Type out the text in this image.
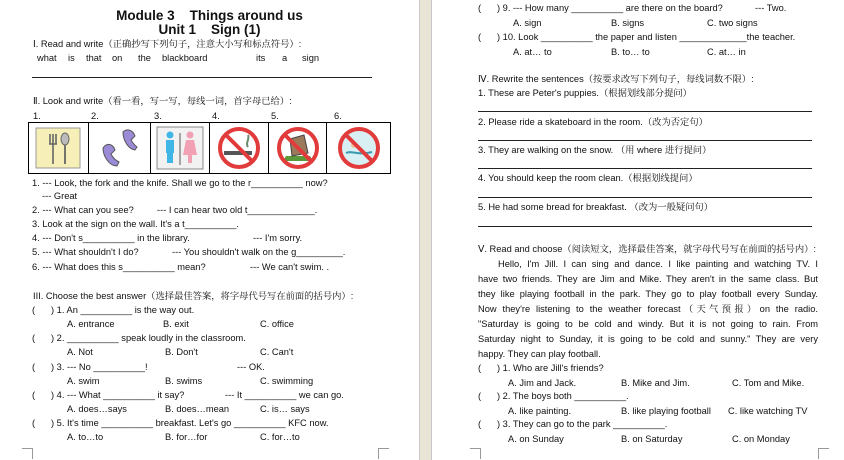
Module 3    Things around us
Unit 1    Sign (1)
Ⅰ. Read and write（正确抄写下列句子，注意大小写和标点符号）:
what is that on the blackboard	its a sign
Ⅱ. Look and write（看一看，写一写，每线一词，首字母已给）:
1.	2.	3.	4.	5.	6.
1. --- Look, the fork and the knife. Shall we go to the r__________ now?
--- Great
2. --- What can you see? --- I can hear two old t_____________.
3. Look at the sign on the wall. It's a t__________.
4. --- Don't s__________ in the library.	--- I'm sorry.
5. --- What shouldn't I do?	--- You shouldn't walk on the g_________.
6. --- What does this s__________ mean?	--- We can't swim. .
III. Choose the best answer（选择最佳答案，将字母代号写在前面的括号内）:
( ) 1. An __________ is the way out.
A. entrance	B. exit	C. office
( ) 2. __________ speak loudly in the classroom.
A. Not	B. Don't	C. Can't
( ) 3. --- No __________!	--- OK.
A. swim	B. swims	C. swimming
( ) 4. --- What __________ it say?	--- It __________ we can go.
A. does…says	B. does…mean	C. is… says
( ) 5. It's time __________ breakfast. Let's go __________ KFC now.
A. to…to	B. for…for	C. for…to
( ) 9. --- How many __________ are there on the board?	--- Two.
A. sign	B. signs	C. two signs
( ) 10. Look __________ the paper and listen _____________the teacher.
A. at… to	B. to… to	C. at… in
Ⅳ. Rewrite the sentences（按要求改写下列句子，每线词数不限）:
1. These are Peter's puppies.（根据划线部分提问）
2. Please ride a skateboard in the room.（改为否定句）
3. They are walking on the snow. （用 where 进行提问）
4. You should keep the room clean.（根据划线提问）
5. He had some bread for breakfast. （改为一般疑问句）
Ⅴ. Read and choose（阅读短文，选择最佳答案，就字母代号写在前面的括号内）:
( ) 1. Who are Jill's friends?
A. Jim and Jack.	B. Mike and Jim.	C. Tom and Mike.
( ) 2. The boys both __________.
A. like painting.	B. like playing football C. like watching TV
( ) 3. They can go to the park __________.
A. on Sunday	B. on Saturday	C. on Monday
Hello, I'm Jill. I can sing and dance. I like painting and watching TV. I
have two friends. They are Jim and Mike. They aren't in the same class. But
they like playing football in the park. They go to play football every Sunday.
Now they're listening to the weather forecast（天气预报）on the radio.
"Saturday is going to be cold and windy. But it is not going to rain. From
Saturday night to Sunday, it is going to be cold and sunny." They are very
happy. They can play football.
